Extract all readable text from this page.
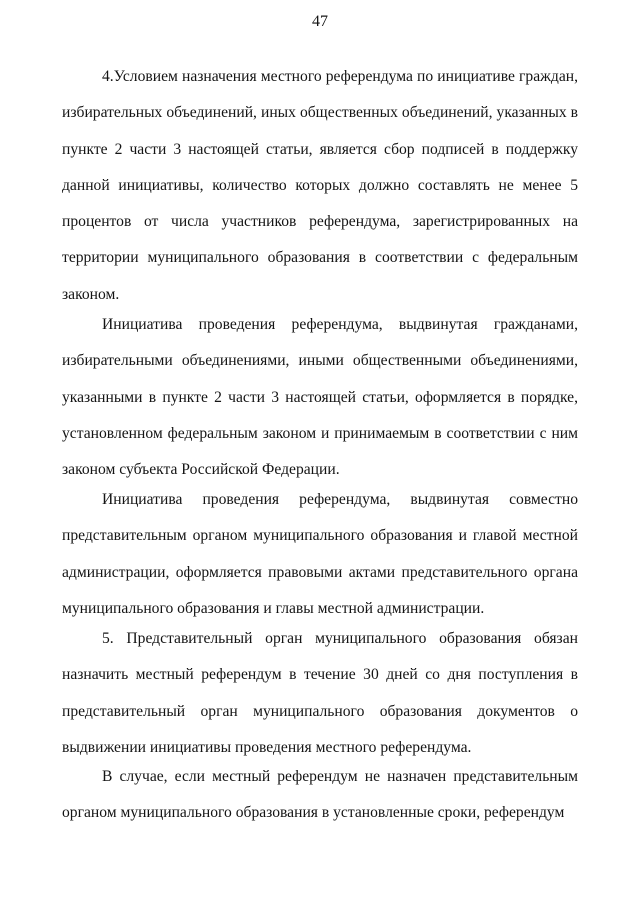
47

4.Условием назначения местного референдума по инициативе граждан, избирательных объединений, иных общественных объединений, указанных в пункте 2 части 3 настоящей статьи, является сбор подписей в поддержку данной инициативы, количество которых должно составлять не менее 5 процентов от числа участников референдума, зарегистрированных на территории муниципального образования в соответствии с федеральным законом.

Инициатива проведения референдума, выдвинутая гражданами, избирательными объединениями, иными общественными объединениями, указанными в пункте 2 части 3 настоящей статьи, оформляется в порядке, установленном федеральным законом и принимаемым в соответствии с ним законом субъекта Российской Федерации.

Инициатива проведения референдума, выдвинутая совместно представительным органом муниципального образования и главой местной администрации, оформляется правовыми актами представительного органа муниципального образования и главы местной администрации.

5. Представительный орган муниципального образования обязан назначить местный референдум в течение 30 дней со дня поступления в представительный орган муниципального образования документов о выдвижении инициативы проведения местного референдума.

В случае, если местный референдум не назначен представительным органом муниципального образования в установленные сроки, референдум
